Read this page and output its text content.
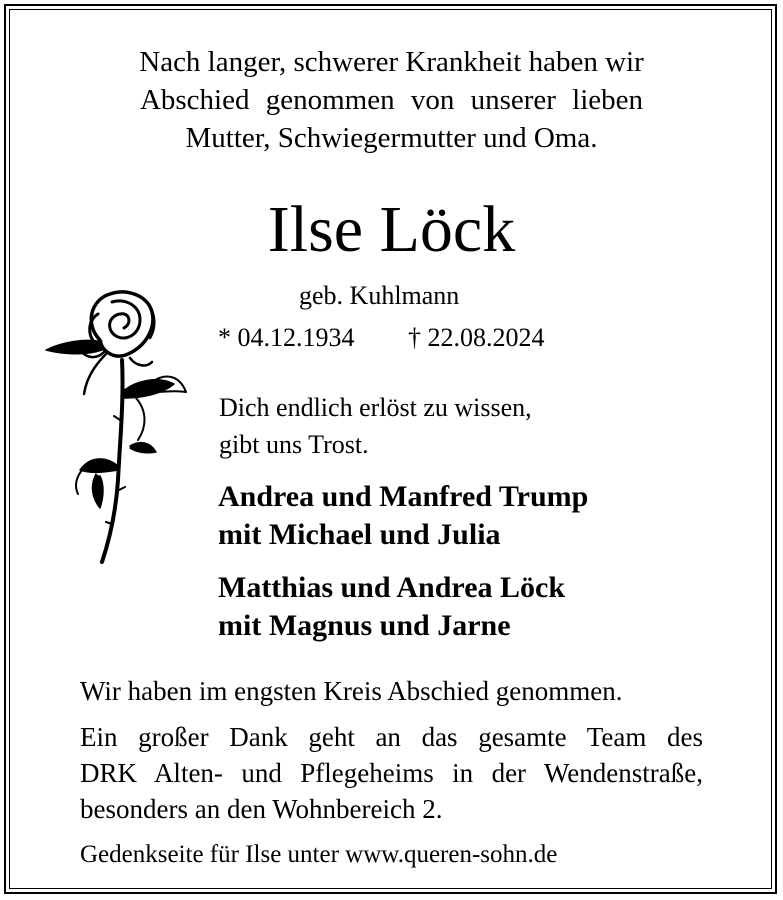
Nach langer, schwerer Krankheit haben wir
Abschied genommen von unserer lieben
Mutter, Schwiegermutter und Oma.
Ilse Löck
geb. Kuhlmann
* 04.12.1934 † 22.08.2024
Dich endlich erlöst zu wissen,
gibt uns Trost.
Andrea und Manfred Trump
mit Michael und Julia
Matthias und Andrea Löck
mit Magnus und Jarne
Wir haben im engsten Kreis Abschied genommen.
Ein großer Dank geht an das gesamte Team des
DRK Alten- und Pflegeheims in der Wendenstraße,
besonders an den Wohnbereich 2.
Gedenkseite für Ilse unter www.queren-sohn.de
